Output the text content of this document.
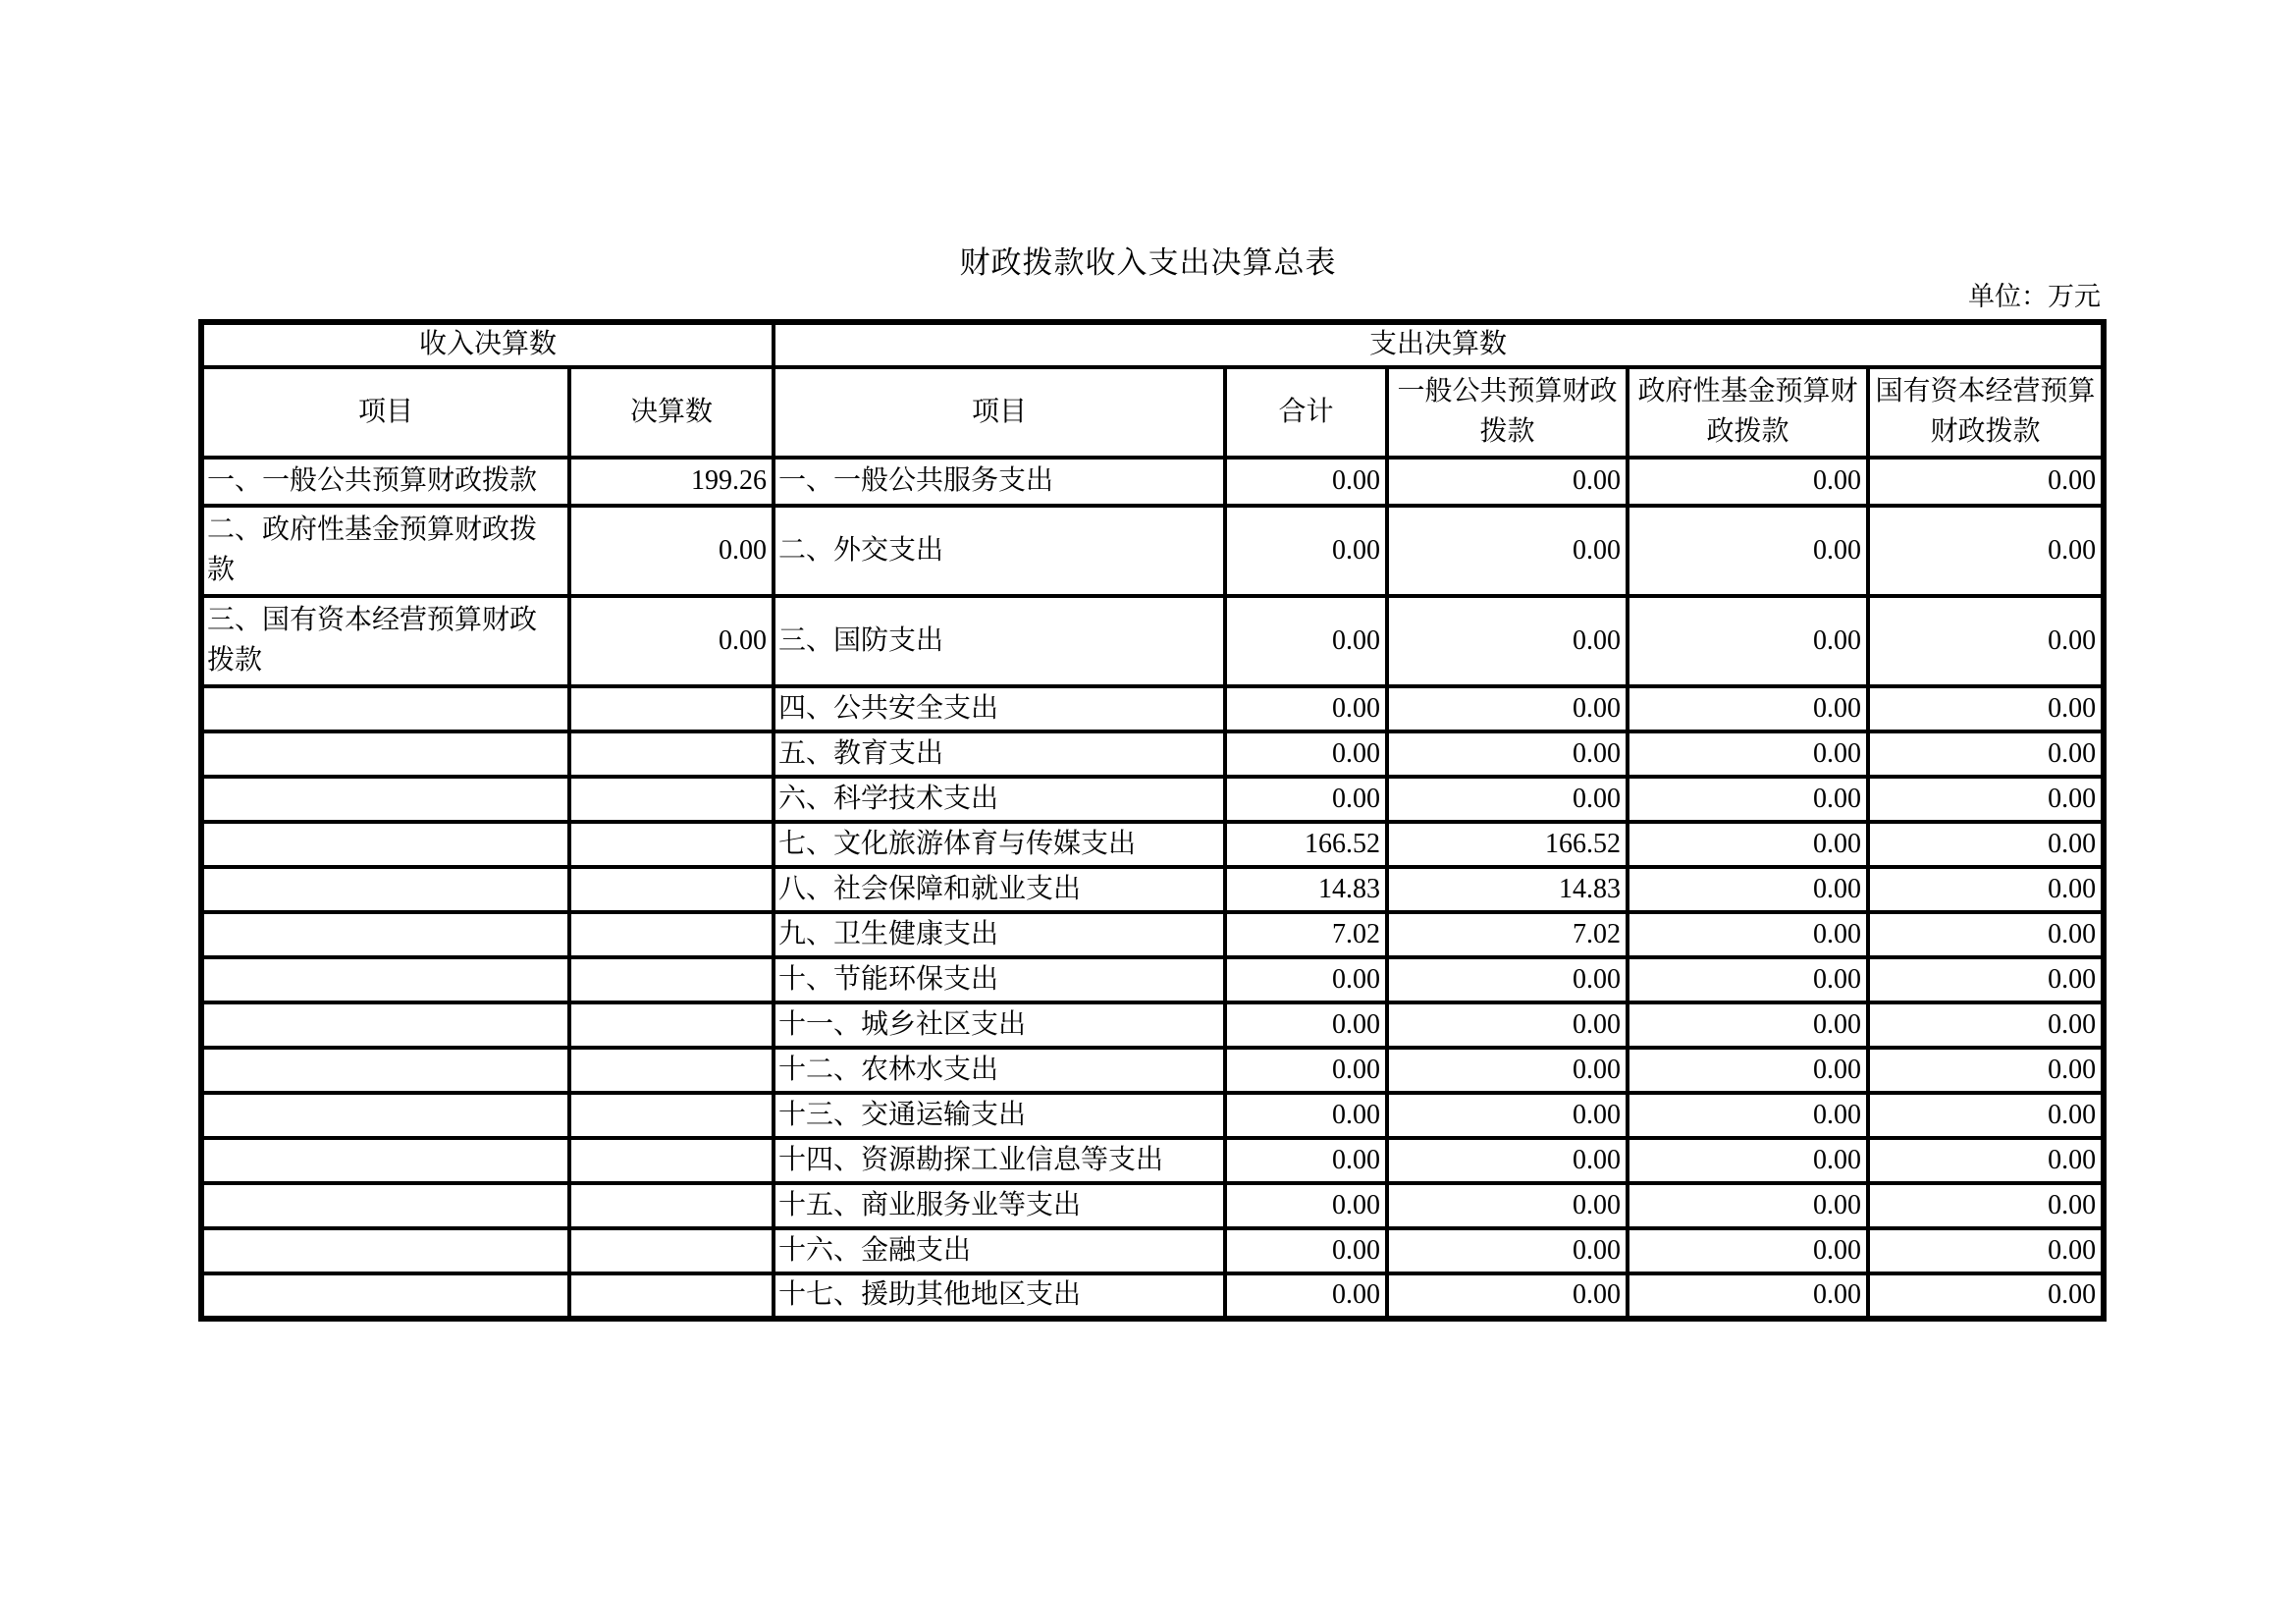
财政拨款收入支出决算总表
单位：万元
收入决算数		支出决算数				
项目	决算数	项目	合计	一般公共预算财政拨款	政府性基金预算财政拨款	国有资本经营预算财政拨款
一、一般公共预算财政拨款	199.26	一、一般公共服务支出	0.00	0.00	0.00	0.00
二、政府性基金预算财政拨款	0.00	二、外交支出	0.00	0.00	0.00	0.00
三、国有资本经营预算财政拨款	0.00	三、国防支出	0.00	0.00	0.00	0.00
		四、公共安全支出	0.00	0.00	0.00	0.00
		五、教育支出	0.00	0.00	0.00	0.00
		六、科学技术支出	0.00	0.00	0.00	0.00
		七、文化旅游体育与传媒支出	166.52	166.52	0.00	0.00
		八、社会保障和就业支出	14.83	14.83	0.00	0.00
		九、卫生健康支出	7.02	7.02	0.00	0.00
		十、节能环保支出	0.00	0.00	0.00	0.00
		十一、城乡社区支出	0.00	0.00	0.00	0.00
		十二、农林水支出	0.00	0.00	0.00	0.00
		十三、交通运输支出	0.00	0.00	0.00	0.00
		十四、资源勘探工业信息等支出	0.00	0.00	0.00	0.00
		十五、商业服务业等支出	0.00	0.00	0.00	0.00
		十六、金融支出	0.00	0.00	0.00	0.00
		十七、援助其他地区支出	0.00	0.00	0.00	0.00
